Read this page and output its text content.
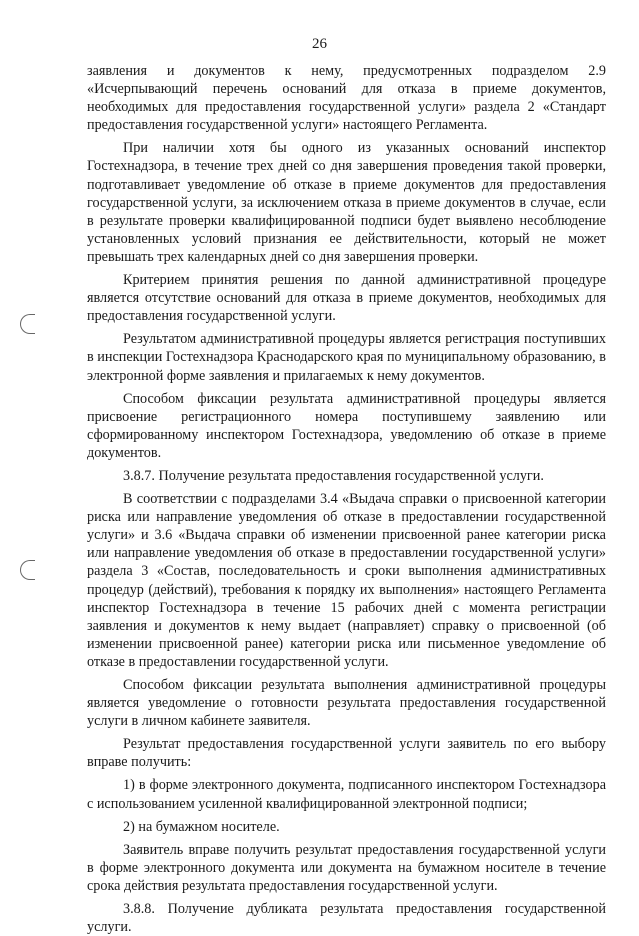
26

заявления и документов к нему, предусмотренных подразделом 2.9 «Исчерпывающий перечень оснований для отказа в приеме документов, необходимых для предоставления государственной услуги» раздела 2 «Стандарт предоставления государственной услуги» настоящего Регламента.

При наличии хотя бы одного из указанных оснований инспектор Гостехнадзора, в течение трех дней со дня завершения проведения такой проверки, подготавливает уведомление об отказе в приеме документов для предоставления государственной услуги, за исключением отказа в приеме документов в случае, если в результате проверки квалифицированной подписи будет выявлено несоблюдение установленных условий признания ее действительности, который не может превышать трех календарных дней со дня завершения проверки.

Критерием принятия решения по данной административной процедуре является отсутствие оснований для отказа в приеме документов, необходимых для предоставления государственной услуги.

Результатом административной процедуры является регистрация поступивших в инспекции Гостехнадзора Краснодарского края по муниципальному образованию, в электронной форме заявления и прилагаемых к нему документов.

Способом фиксации результата административной процедуры является присвоение регистрационного номера поступившему заявлению или сформированному инспектором Гостехнадзора, уведомлению об отказе в приеме документов.

3.8.7. Получение результата предоставления государственной услуги.

В соответствии с подразделами 3.4 «Выдача справки о присвоенной категории риска или направление уведомления об отказе в предоставлении государственной услуги» и 3.6 «Выдача справки об изменении присвоенной ранее категории риска или направление уведомления об отказе в предоставлении государственной услуги» раздела 3 «Состав, последовательность и сроки выполнения административных процедур (действий), требования к порядку их выполнения» настоящего Регламента инспектор Гостехнадзора в течение 15 рабочих дней с момента регистрации заявления и документов к нему выдает (направляет) справку о присвоенной (об изменении присвоенной ранее) категории риска или письменное уведомление об отказе в предоставлении государственной услуги.

Способом фиксации результата выполнения административной процедуры является уведомление о готовности результата предоставления государственной услуги в личном кабинете заявителя.

Результат предоставления государственной услуги заявитель по его выбору вправе получить:

1) в форме электронного документа, подписанного инспектором Гостехнадзора с использованием усиленной квалифицированной электронной подписи;

2) на бумажном носителе.

Заявитель вправе получить результат предоставления государственной услуги в форме электронного документа или документа на бумажном носителе в течение срока действия результата предоставления государственной услуги.

3.8.8. Получение дубликата результата предоставления государственной услуги.
